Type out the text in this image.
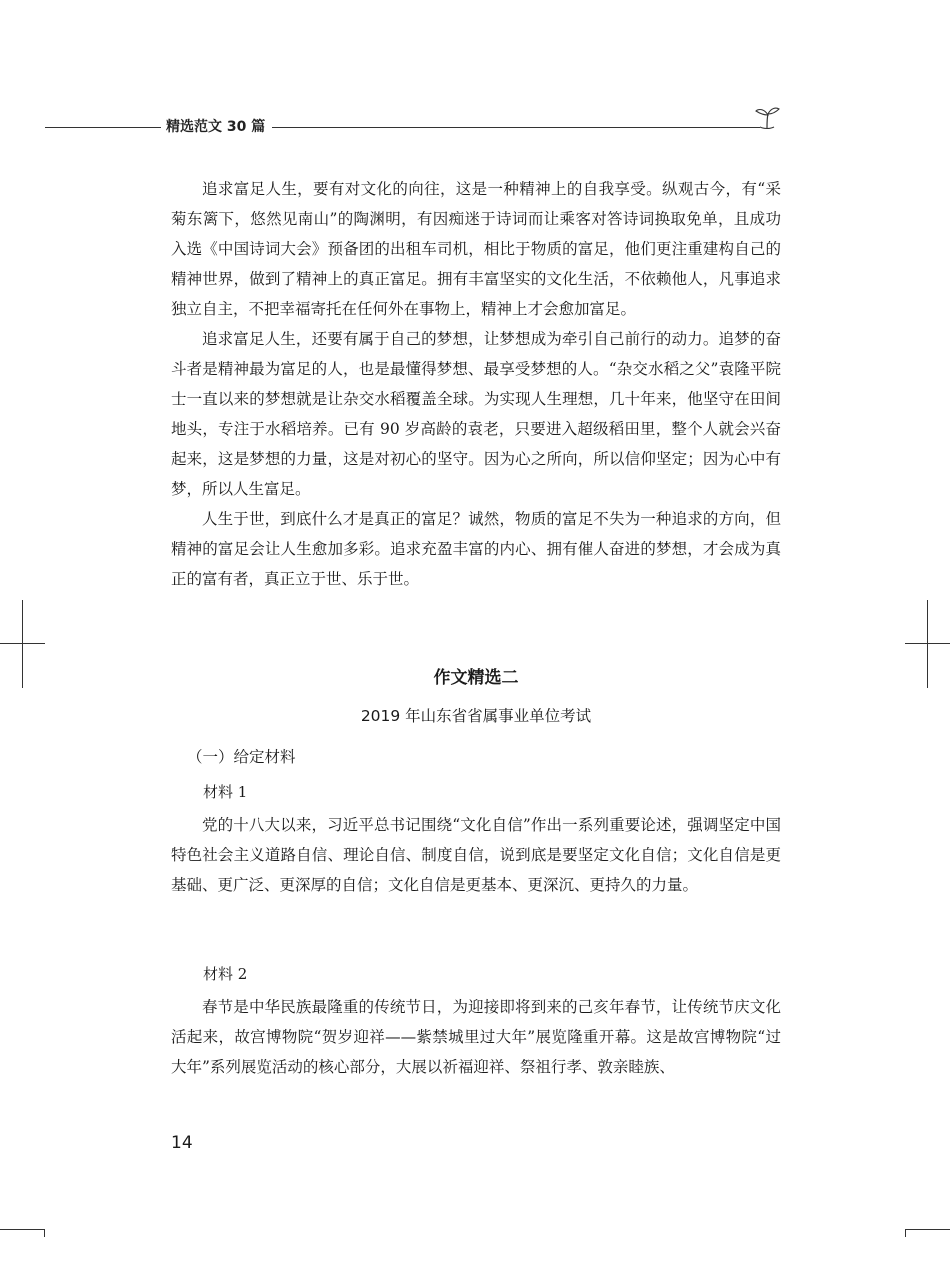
精选范文 30 篇

追求富足人生，要有对文化的向往，这是一种精神上的自我享受。纵观古今，有“采菊东篱下，悠然见南山”的陶渊明，有因痴迷于诗词而让乘客对答诗词换取免单，且成功入选《中国诗词大会》预备团的出租车司机，相比于物质的富足，他们更注重建构自己的精神世界，做到了精神上的真正富足。拥有丰富坚实的文化生活，不依赖他人，凡事追求独立自主，不把幸福寄托在任何外在事物上，精神上才会愈加富足。

追求富足人生，还要有属于自己的梦想，让梦想成为牵引自己前行的动力。追梦的奋斗者是精神最为富足的人，也是最懂得梦想、最享受梦想的人。“杂交水稻之父”袁隆平院士一直以来的梦想就是让杂交水稻覆盖全球。为实现人生理想，几十年来，他坚守在田间地头，专注于水稻培养。已有 90 岁高龄的袁老，只要进入超级稻田里，整个人就会兴奋起来，这是梦想的力量，这是对初心的坚守。因为心之所向，所以信仰坚定；因为心中有梦，所以人生富足。

人生于世，到底什么才是真正的富足？诚然，物质的富足不失为一种追求的方向，但精神的富足会让人生愈加多彩。追求充盈丰富的内心、拥有催人奋进的梦想，才会成为真正的富有者，真正立于世、乐于世。

作文精选二
2019 年山东省省属事业单位考试
（一）给定材料
材料 1

党的十八大以来，习近平总书记围绕“文化自信”作出一系列重要论述，强调坚定中国特色社会主义道路自信、理论自信、制度自信，说到底是要坚定文化自信；文化自信是更基础、更广泛、更深厚的自信；文化自信是更基本、更深沉、更持久的力量。

材料 2

春节是中华民族最隆重的传统节日，为迎接即将到来的己亥年春节，让传统节庆文化活起来，故宫博物院“贺岁迎祥——紫禁城里过大年”展览隆重开幕。这是故宫博物院“过大年”系列展览活动的核心部分，大展以祈福迎祥、祭祖行孝、敦亲睦族、

14
